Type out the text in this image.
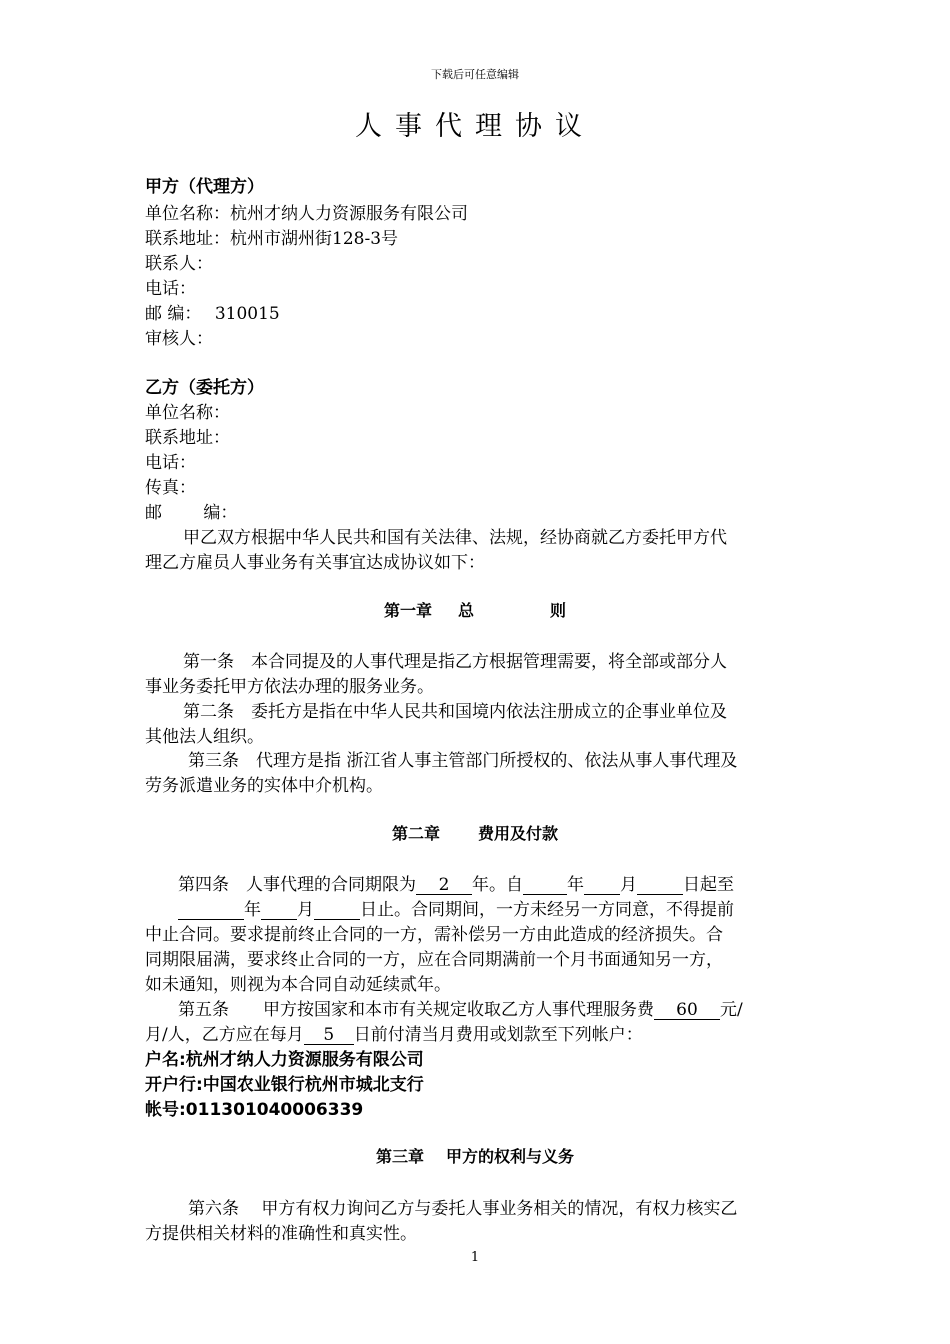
下载后可任意编辑
人事代理协议
甲方（代理方）
单位名称：杭州才纳人力资源服务有限公司
联系地址：杭州市湖州街128-3号
联系人：
电话：
邮 编： 310015
审核人：
乙方（委托方）
单位名称：
联系地址：
电话：
传真：
邮 编：
甲乙双方根据中华人民共和国有关法律、法规，经协商就乙方委托甲方代
理乙方雇员人事业务有关事宜达成协议如下：
第一章 总	则
第一条　本合同提及的人事代理是指乙方根据管理需要，将全部或部分人
事业务委托甲方依法办理的服务业务。
第二条　委托方是指在中华人民共和国境内依法注册成立的企事业单位及
其他法人组织。
第三条　代理方是指 浙江省人事主管部门所授权的、依法从事人事代理及
劳务派遣业务的实体中介机构。
第二章 费用及付款
第四条　人事代理的合同期限为 2 年。自	年 月	日起至
年 月	日止。合同期间，一方未经另一方同意，不得提前
中止合同。要求提前终止合同的一方，需补偿另一方由此造成的经济损失。合
同期限届满，要求终止合同的一方，应在合同期满前一个月书面通知另一方，
如未通知，则视为本合同自动延续贰年。
第五条　　甲方按国家和本市有关规定收取乙方人事代理服务费 60 元/
月/人，乙方应在每月 5 日前付清当月费用或划款至下列帐户：
户名:杭州才纳人力资源服务有限公司
开户行:中国农业银行杭州市城北支行
帐号:011301040006339
第三章 甲方的权利与义务
第六条　 甲方有权力询问乙方与委托人事业务相关的情况，有权力核实乙
方提供相关材料的准确性和真实性。
1
